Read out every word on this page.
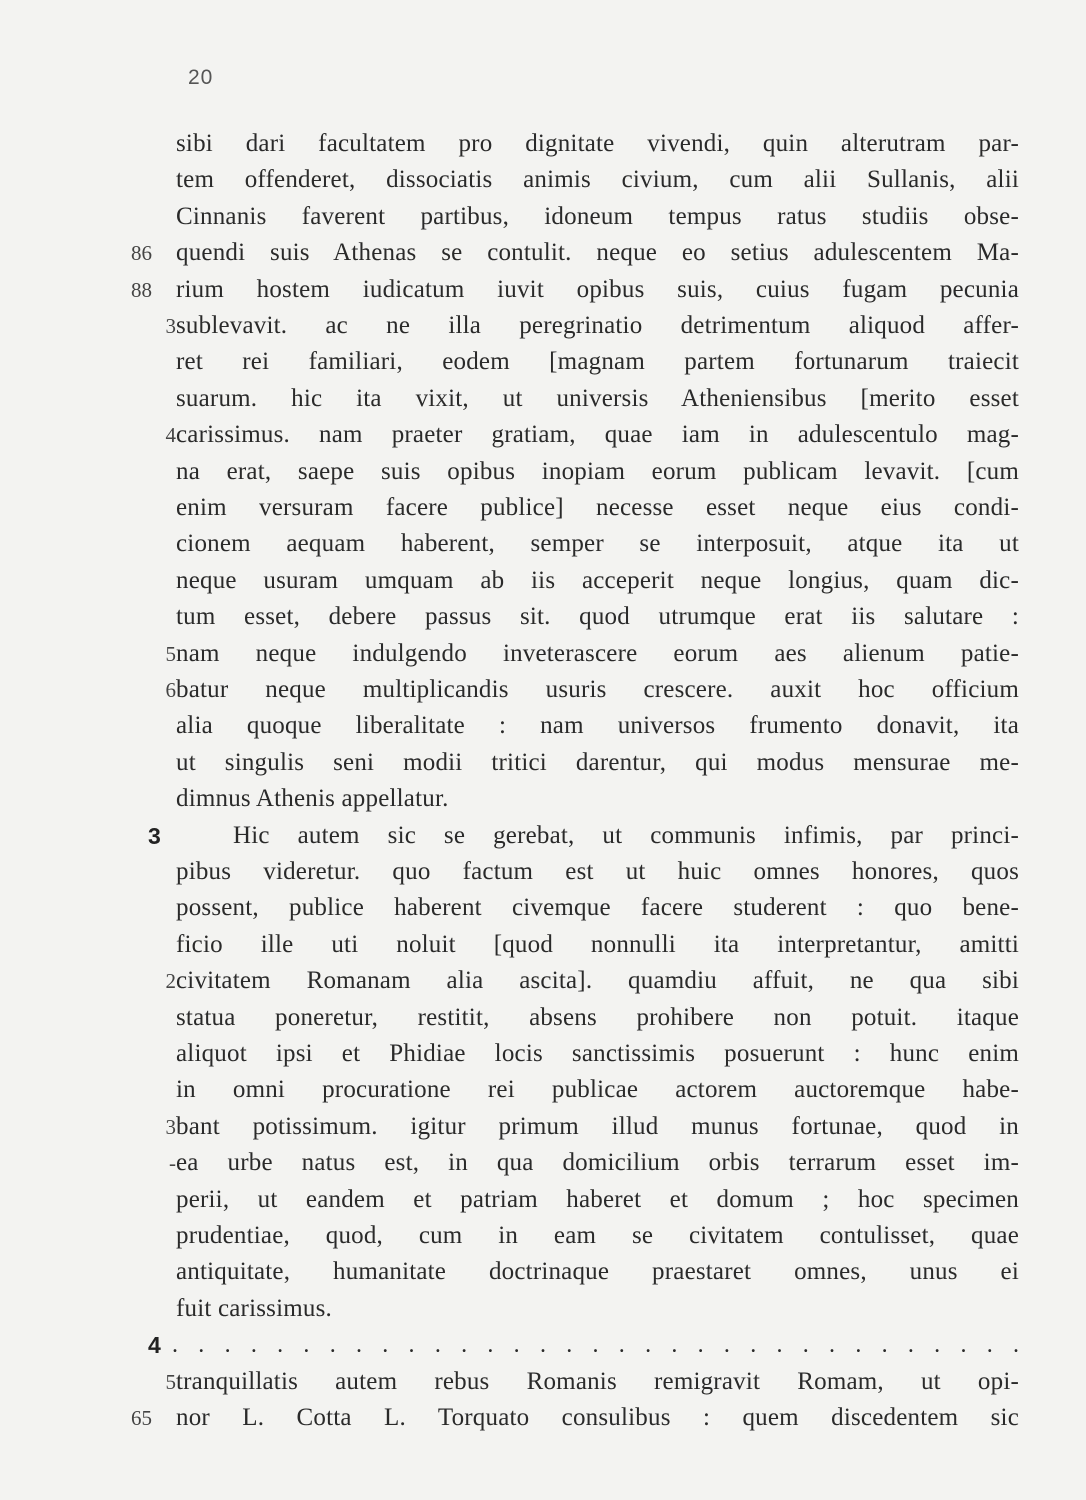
20
sibi dari facultatem pro dignitate vivendi, quin alterutram par-
tem offenderet, dissociatis animis civium, cum alii Sullanis, alii
Cinnanis faverent partibus, idoneum tempus ratus studiis obse-
86 quendi suis Athenas se contulit. neque eo setius adulescentem Ma-
88 rium hostem iudicatum iuvit opibus suis, cuius fugam pecunia
3 sublevavit. ac ne illa peregrinatio detrimentum aliquod affer-
ret rei familiari, eodem [magnam partem fortunarum traiecit
suarum. hic ita vixit, ut universis Atheniensibus [merito esset
4 carissimus. nam praeter gratiam, quae iam in adulescentulo mag-
na erat, saepe suis opibus inopiam eorum publicam levavit. [cum
enim versuram facere publice] necesse esset neque eius condi-
cionem aequam haberent, semper se interposuit, atque ita ut
neque usuram umquam ab iis acceperit neque longius, quam dic-
tum esset, debere passus sit. quod utrumque erat iis salutare :
5 nam neque indulgendo inveterascere eorum aes alienum patie-
6 batur neque multiplicandis usuris crescere. auxit hoc officium
alia quoque liberalitate : nam universos frumento donavit, ita
ut singulis seni modii tritici darentur, qui modus mensurae me-
dimnus Athenis appellatur.
3	Hic autem sic se gerebat, ut communis infimis, par princi-
pibus videretur. quo factum est ut huic omnes honores, quos
possent, publice haberent civemque facere studerent : quo bene-
ficio ille uti noluit [quod nonnulli ita interpretantur, amitti
2 civitatem Romanam alia ascita]. quamdiu affuit, ne qua sibi
statua poneretur, restitit, absens prohibere non potuit. itaque
aliquot ipsi et Phidiae locis sanctissimis posuerunt : hunc enim
in omni procuratione rei publicae actorem auctoremque habe-
3 bant potissimum. igitur primum illud munus fortunae, quod in
- ea urbe natus est, in qua domicilium orbis terrarum esset im-
perii, ut eandem et patriam haberet et domum ; hoc specimen
prudentiae, quod, cum in eam se civitatem contulisset, quae
antiquitate, humanitate doctrinaque praestaret omnes, unus ei
fuit carissimus.
4 . . . . . . . . . . . . . . . . . . . . . . . . . . . . . . . . .
5 tranquillatis autem rebus Romanis remigravit Romam, ut opi-
65 nor L. Cotta L. Torquato consulibus : quem discedentem sic
